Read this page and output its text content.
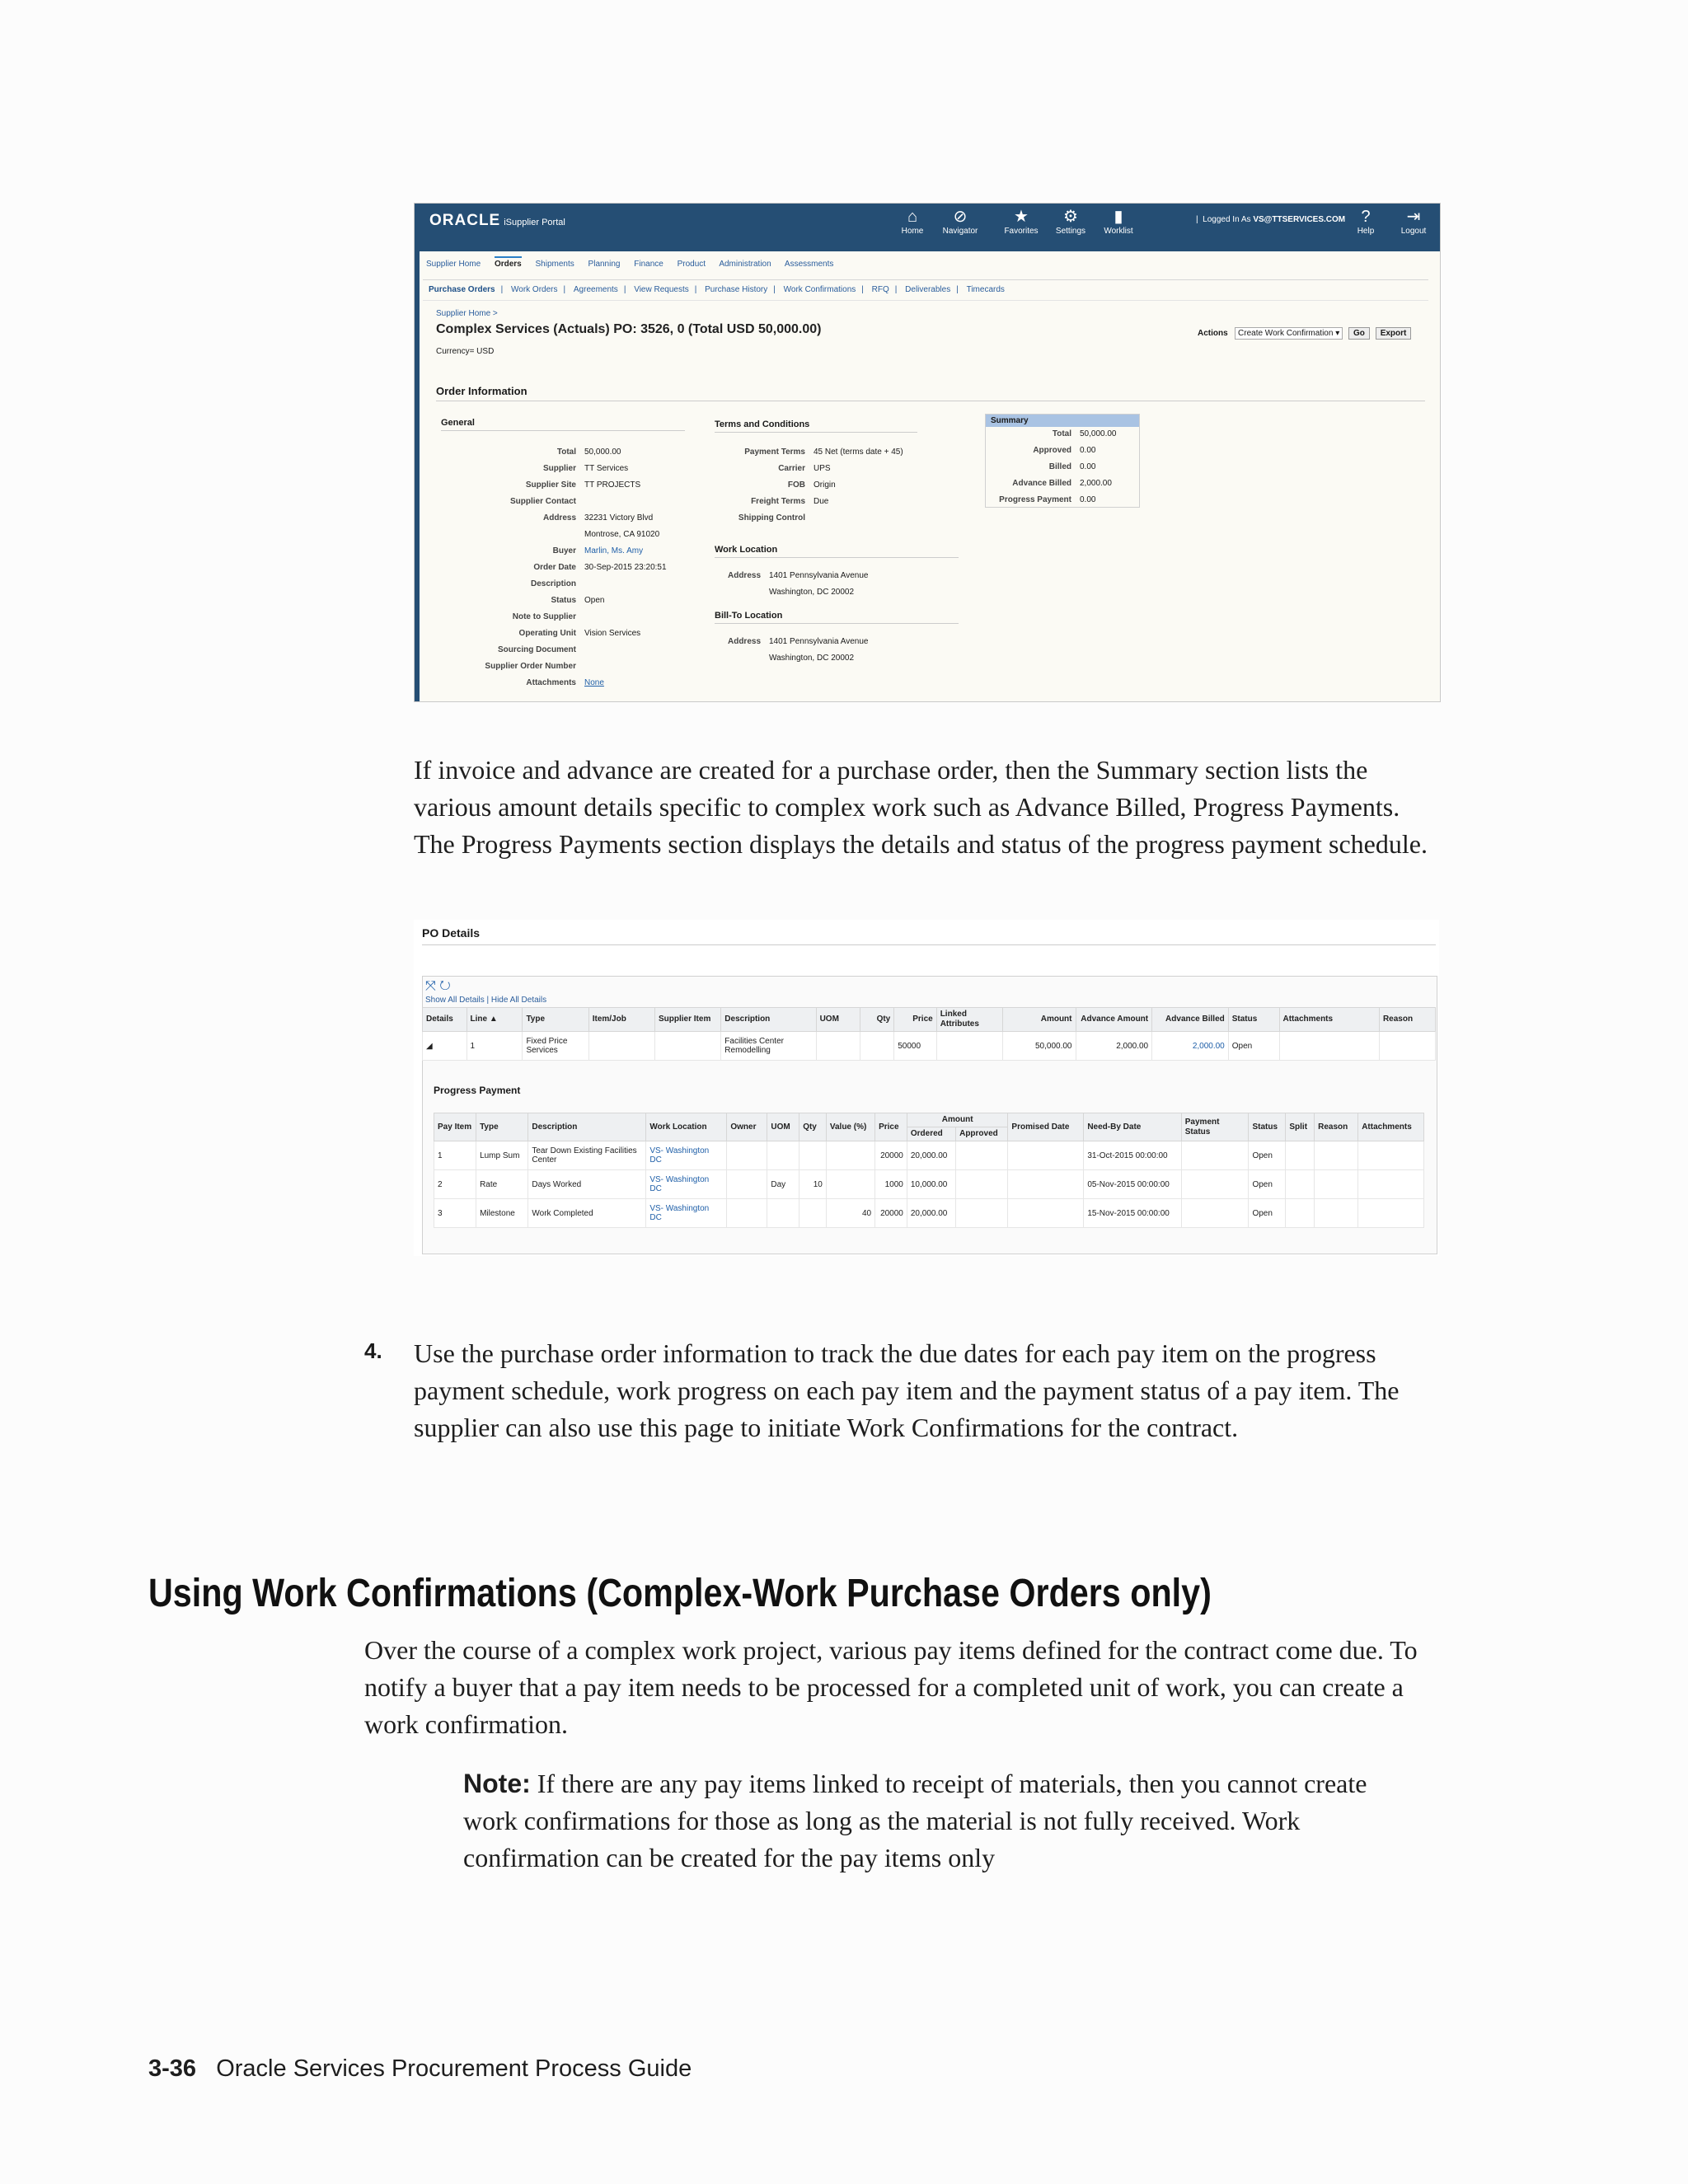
ORACLE iSupplier Portal	⌂
Home
⊘
Navigator
★
Favorites
⚙
Settings
▮
Worklist
|  Logged In As VS@TTSERVICES.COM ?
Help
⇥
Logout
Supplier Home Orders Shipments Planning Finance Product Administration Assessments
Purchase Orders | Work Orders | Agreements | View Requests | Purchase History | Work Confirmations | RFQ | Deliverables | Timecards
Supplier Home >
Complex Services (Actuals) PO: 3526, 0 (Total USD 50,000.00)	Actions Create Work Confirmation ▾ Go Export
Currency= USD
Order Information
General
Total 50,000.00
Supplier TT Services
Supplier Site TT PROJECTS
Supplier Contact
Address 32231 Victory Blvd
Montrose, CA 91020
Buyer Marlin, Ms. Amy
Order Date 30-Sep-2015 23:20:51
Description
Status Open
Note to Supplier
Operating Unit Vision Services
Sourcing Document
Supplier Order Number
Attachments None
Terms and Conditions
Payment Terms 45 Net (terms date + 45)
Carrier UPS
FOB Origin
Freight Terms Due
Shipping Control
Work Location
Address 1401 Pennsylvania Avenue
Washington, DC 20002
Bill-To Location
Address 1401 Pennsylvania Avenue
Washington, DC 20002
Summary
Total 50,000.00
Approved 0.00
Billed 0.00
Advance Billed 2,000.00
Progress Payment 0.00
If invoice and advance are created for a purchase order, then the Summary section lists the various amount details specific to complex work such as Advance Billed, Progress Payments. The Progress Payments section displays the details and status of the progress payment schedule.
PO Details
⤧ ↻
Show All Details | Hide All Details
Details	Line ▲	Type	Item/Job	Supplier Item	Description	UOM	Qty	Price	Linked Attributes	Amount	Advance Amount	Advance Billed	Status	Attachments	Reason
◢	1	Fixed Price Services			Facilities Center Remodelling			50000		50,000.00	2,000.00	2,000.00	Open		
Progress Payment
Pay Item	Type	Description	Work Location	Owner	UOM	Qty	Value (%)	Price	Amount		Promised Date	Need-By Date	Payment Status	Status	Split	Reason	Attachments
									Ordered	Approved							
1	Lump Sum	Tear Down Existing Facilities Center	VS- Washington DC					20000	20,000.00			31-Oct-2015 00:00:00		Open			
2	Rate	Days Worked	VS- Washington DC		Day	10		1000	10,000.00			05-Nov-2015 00:00:00		Open			
3	Milestone	Work Completed	VS- Washington DC				40	20000	20,000.00			15-Nov-2015 00:00:00		Open			
4. Use the purchase order information to track the due dates for each pay item on the progress payment schedule, work progress on each pay item and the payment status of a pay item. The supplier can also use this page to initiate Work Confirmations for the contract.
Using Work Confirmations (Complex-Work Purchase Orders only)
Over the course of a complex work project, various pay items defined for the contract come due. To notify a buyer that a pay item needs to be processed for a completed unit of work, you can create a work confirmation.
Note: If there are any pay items linked to receipt of materials, then you cannot create work confirmations for those as long as the material is not fully received. Work confirmation can be created for the pay items only
3-36 Oracle Services Procurement Process Guide
